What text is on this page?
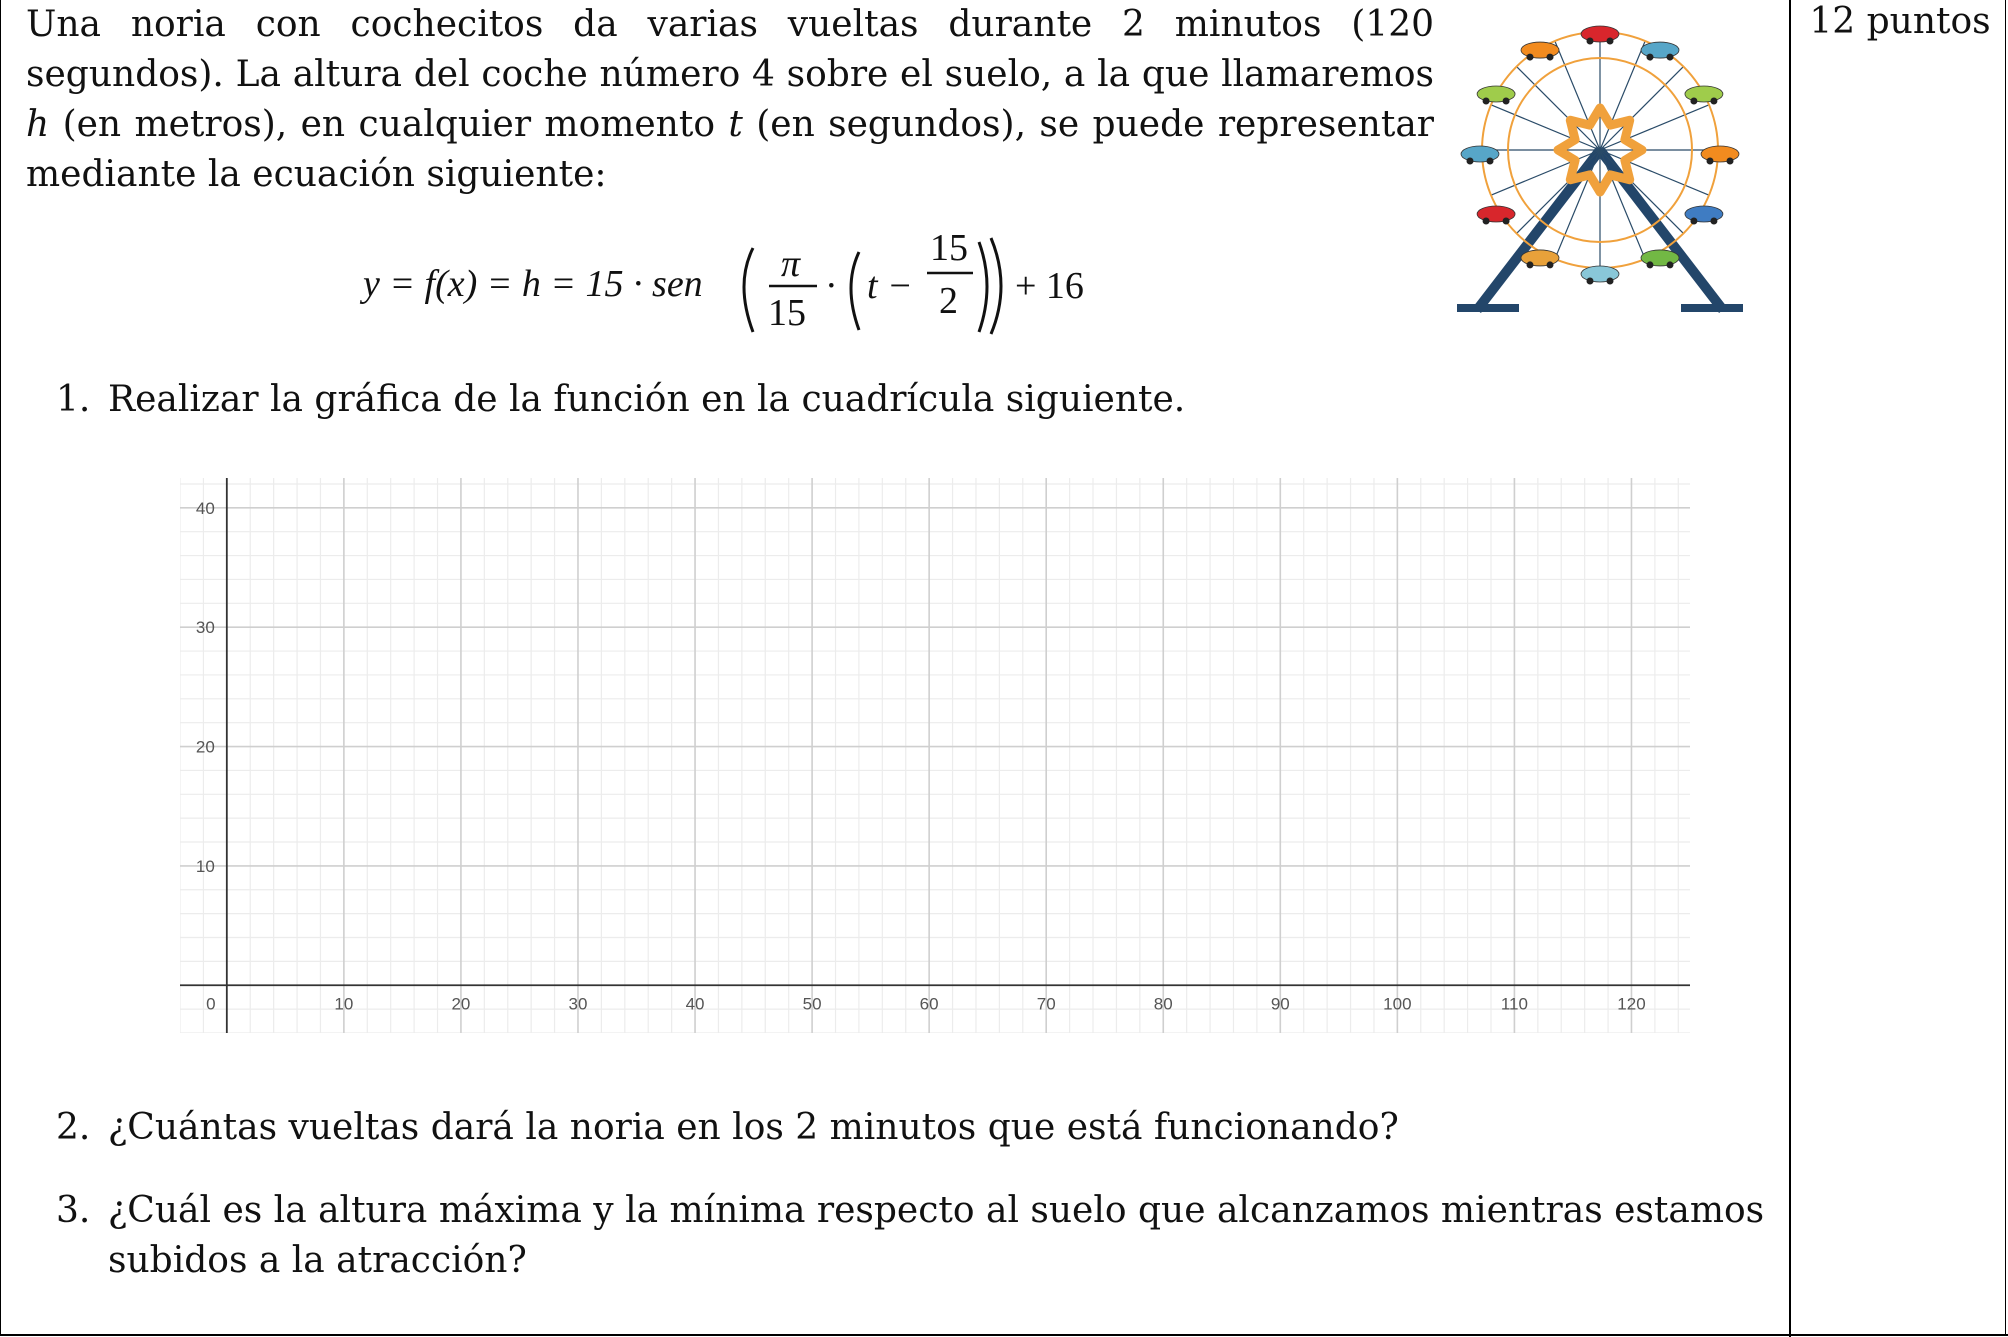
12 puntos

Una noria con cochecitos da varias vueltas durante 2 minutos (120 segundos). La altura del coche número 4 sobre el suelo, a la que llamaremos h (en metros), en cualquier momento t (en segundos), se puede representar mediante la ecuación siguiente:

y = f(x) = h = 15 · sen π
15
· t −
15
2 + 16
1. Realizar la gráfica de la función en la cuadrícula siguiente.
0	10	20	30	40	50	60	70	80	90	100	110	120
10
20
30
40
2. ¿Cuántas vueltas dará la noria en los 2 minutos que está funcionando?
3. ¿Cuál es la altura máxima y la mínima respecto al suelo que alcanzamos mientras estamos
subidos a la atracción?
